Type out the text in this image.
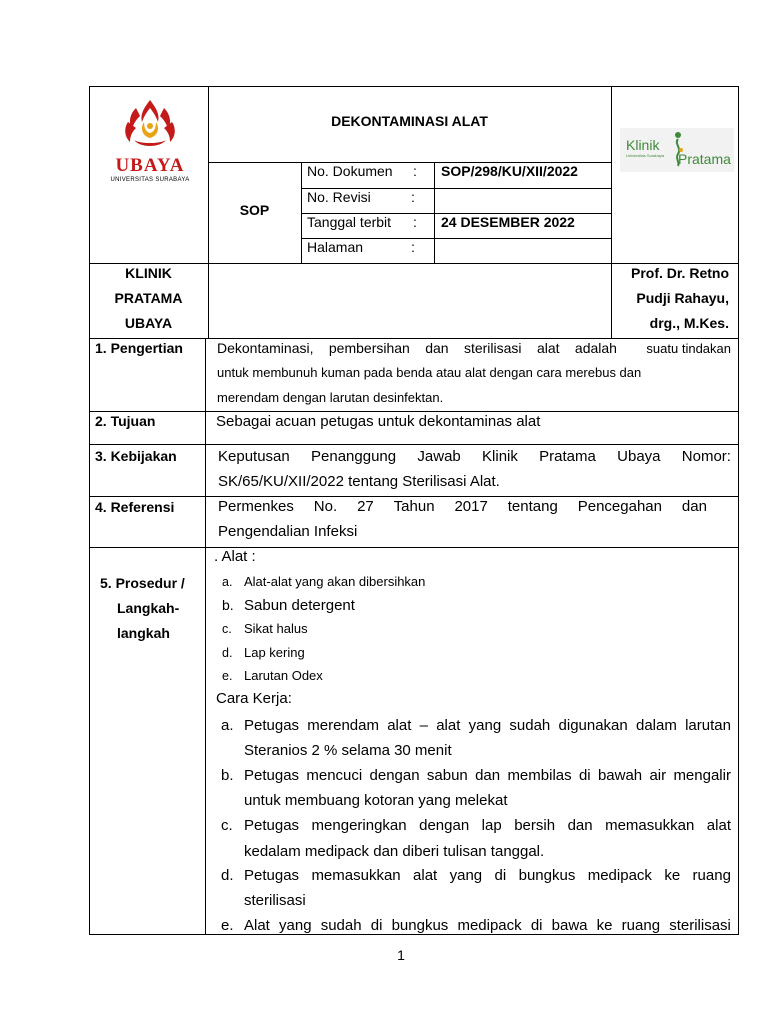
UBAYA
UNIVERSITAS SURABAYA
DEKONTAMINASI ALAT
SOP
Klinik
Pratama
Universitas Surabaya
No. Dokumen : SOP/298/KU/XII/2022
No. Revisi	:
Tanggal terbit : 24 DESEMBER 2022
Halaman	:
KLINIK
PRATAMA
UBAYA
Prof. Dr. Retno
Pudji Rahayu,
drg., M.Kes.
1. Pengertian Dekontaminasi, pembersihan dan sterilisasi alat adalah	suatu tindakan
untuk membunuh kuman pada benda atau alat dengan cara merebus dan
merendam dengan larutan desinfektan.
2. Tujuan	Sebagai acuan petugas untuk dekontaminas alat
3. Kebijakan	Keputusan Penanggung Jawab Klinik Pratama Ubaya Nomor:
SK/65/KU/XII/2022 tentang Sterilisasi Alat.
4. Referensi	Permenkes No. 27 Tahun 2017 tentang Pencegahan dan
Pengendalian Infeksi
5. Prosedur /
Langkah-
langkah
. Alat :
a. Alat-alat yang akan dibersihkan
b. Sabun detergent
c. Sikat halus
d. Lap kering
e. Larutan Odex
Cara Kerja:
a. Petugas merendam alat – alat yang sudah digunakan dalam larutan
Steranios 2 % selama 30 menit
b. Petugas mencuci dengan sabun dan membilas di bawah air mengalir
untuk membuang kotoran yang melekat
c. Petugas mengeringkan dengan lap bersih dan memasukkan alat
kedalam medipack dan diberi tulisan tanggal.
d. Petugas memasukkan alat yang di bungkus medipack ke ruang
sterilisasi
e. Alat yang sudah di bungkus medipack di bawa ke ruang sterilisasi
1
